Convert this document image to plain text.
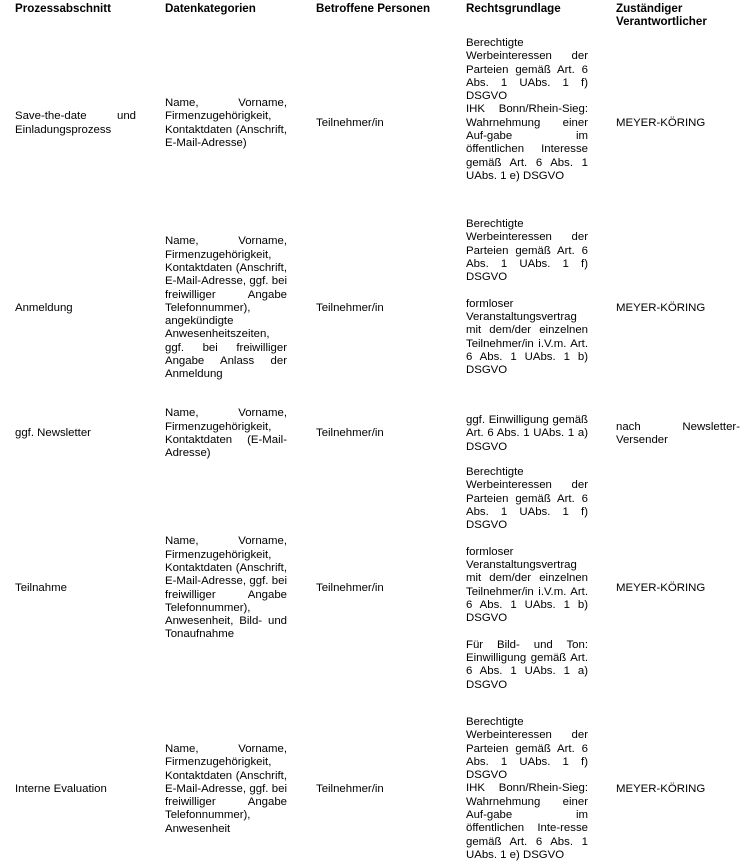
Prozessabschnitt	Datenkategorien	Betroffene Personen	Rechtsgrundlage	Zuständiger Verantwortlicher

Save-the-date und Einladungsprozess	Name, Vorname, Firmenzugehörigkeit, Kontaktdaten (Anschrift, E-Mail-Adresse)	Teilnehmer/in	Berechtigte Werbeinteressen der Parteien gemäß Art. 6 Abs. 1 UAbs. 1 f) DSGVO
IHK Bonn/Rhein-Sieg: Wahrnehmung einer Auf-gabe im öffentlichen Interesse gemäß Art. 6 Abs. 1 UAbs. 1 e) DSGVO	MEYER-KÖRING

Anmeldung	Name, Vorname, Firmenzugehörigkeit, Kontaktdaten (Anschrift, E-Mail-Adresse, ggf. bei freiwilliger Angabe Telefonnummer), angekündigte Anwesenheitszeiten, ggf. bei freiwilliger Angabe Anlass der Anmeldung	Teilnehmer/in	Berechtigte Werbeinteressen der Parteien gemäß Art. 6 Abs. 1 UAbs. 1 f) DSGVO
formloser Veranstaltungsvertrag mit dem/der einzelnen Teilnehmer/in i.V.m. Art. 6 Abs. 1 UAbs. 1 b) DSGVO	MEYER-KÖRING

ggf. Newsletter	Name, Vorname, Firmenzugehörigkeit, Kontaktdaten (E-Mail-Adresse)	Teilnehmer/in	ggf. Einwilligung gemäß Art. 6 Abs. 1 UAbs. 1 a) DSGVO	nach Newsletter-Versender

Teilnahme	Name, Vorname, Firmenzugehörigkeit, Kontaktdaten (Anschrift, E-Mail-Adresse, ggf. bei freiwilliger Angabe Telefonnummer), Anwesenheit, Bild- und Tonaufnahme	Teilnehmer/in	Berechtigte Werbeinteressen der Parteien gemäß Art. 6 Abs. 1 UAbs. 1 f) DSGVO
formloser Veranstaltungsvertrag mit dem/der einzelnen Teilnehmer/in i.V.m. Art. 6 Abs. 1 UAbs. 1 b) DSGVO
Für Bild- und Ton: Einwilligung gemäß Art. 6 Abs. 1 UAbs. 1 a) DSGVO	MEYER-KÖRING

Interne Evaluation	Name, Vorname, Firmenzugehörigkeit, Kontaktdaten (Anschrift, E-Mail-Adresse, ggf. bei freiwilliger Angabe Telefonnummer), Anwesenheit	Teilnehmer/in	Berechtigte Werbeinteressen der Parteien gemäß Art. 6 Abs. 1 UAbs. 1 f) DSGVO
IHK Bonn/Rhein-Sieg: Wahrnehmung einer Auf-gabe im öffentlichen Inte-resse gemäß Art. 6 Abs. 1 UAbs. 1 e) DSGVO	MEYER-KÖRING
